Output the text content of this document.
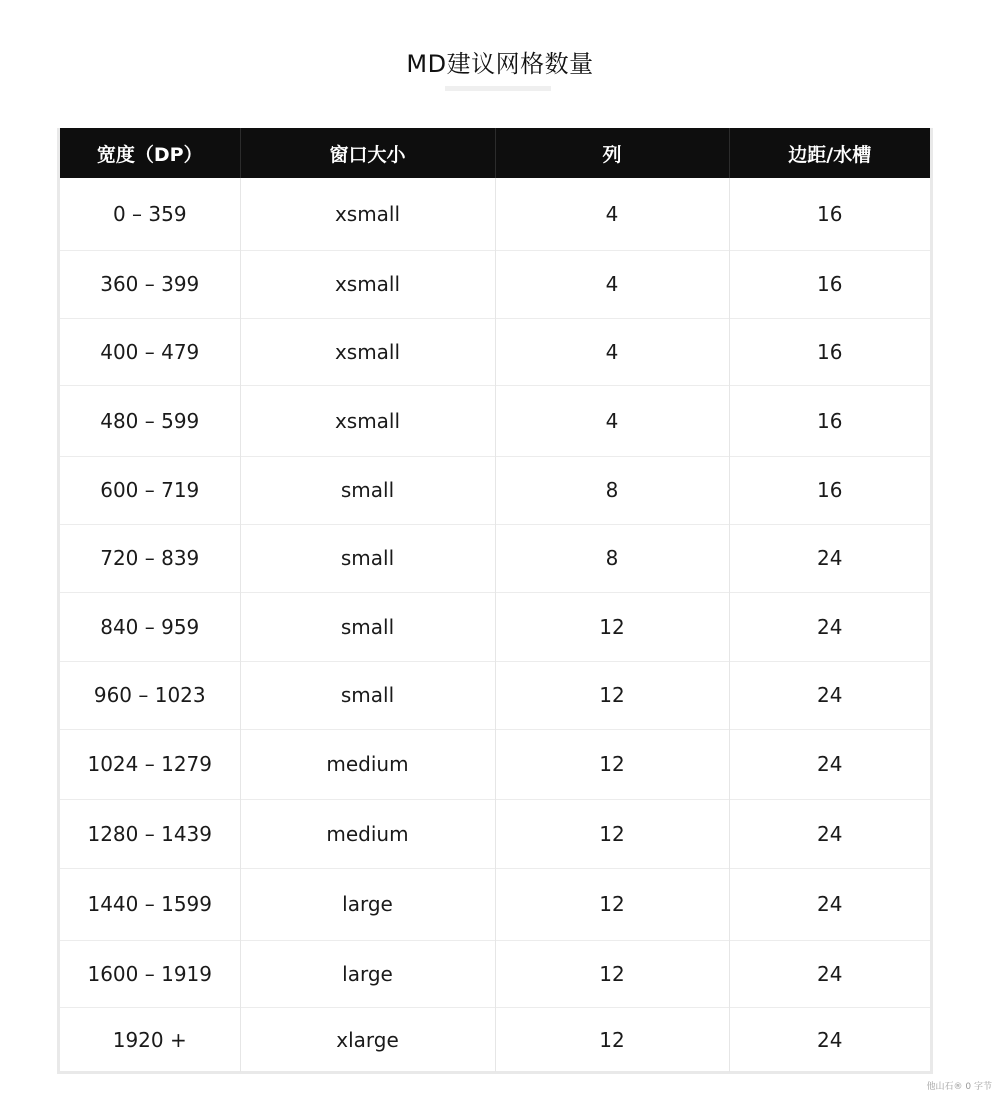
MD建议网格数量
宽度（DP）	窗口大小	列	边距/水槽
0 – 359	xsmall	4	16
360 – 399	xsmall	4	16
400 – 479	xsmall	4	16
480 – 599	xsmall	4	16
600 – 719	small	8	16
720 – 839	small	8	24
840 – 959	small	12	24
960 – 1023	small	12	24
1024 – 1279	medium	12	24
1280 – 1439	medium	12	24
1440 – 1599	large	12	24
1600 – 1919	large	12	24
1920 +	xlarge	12	24
他山石® 0 字节
